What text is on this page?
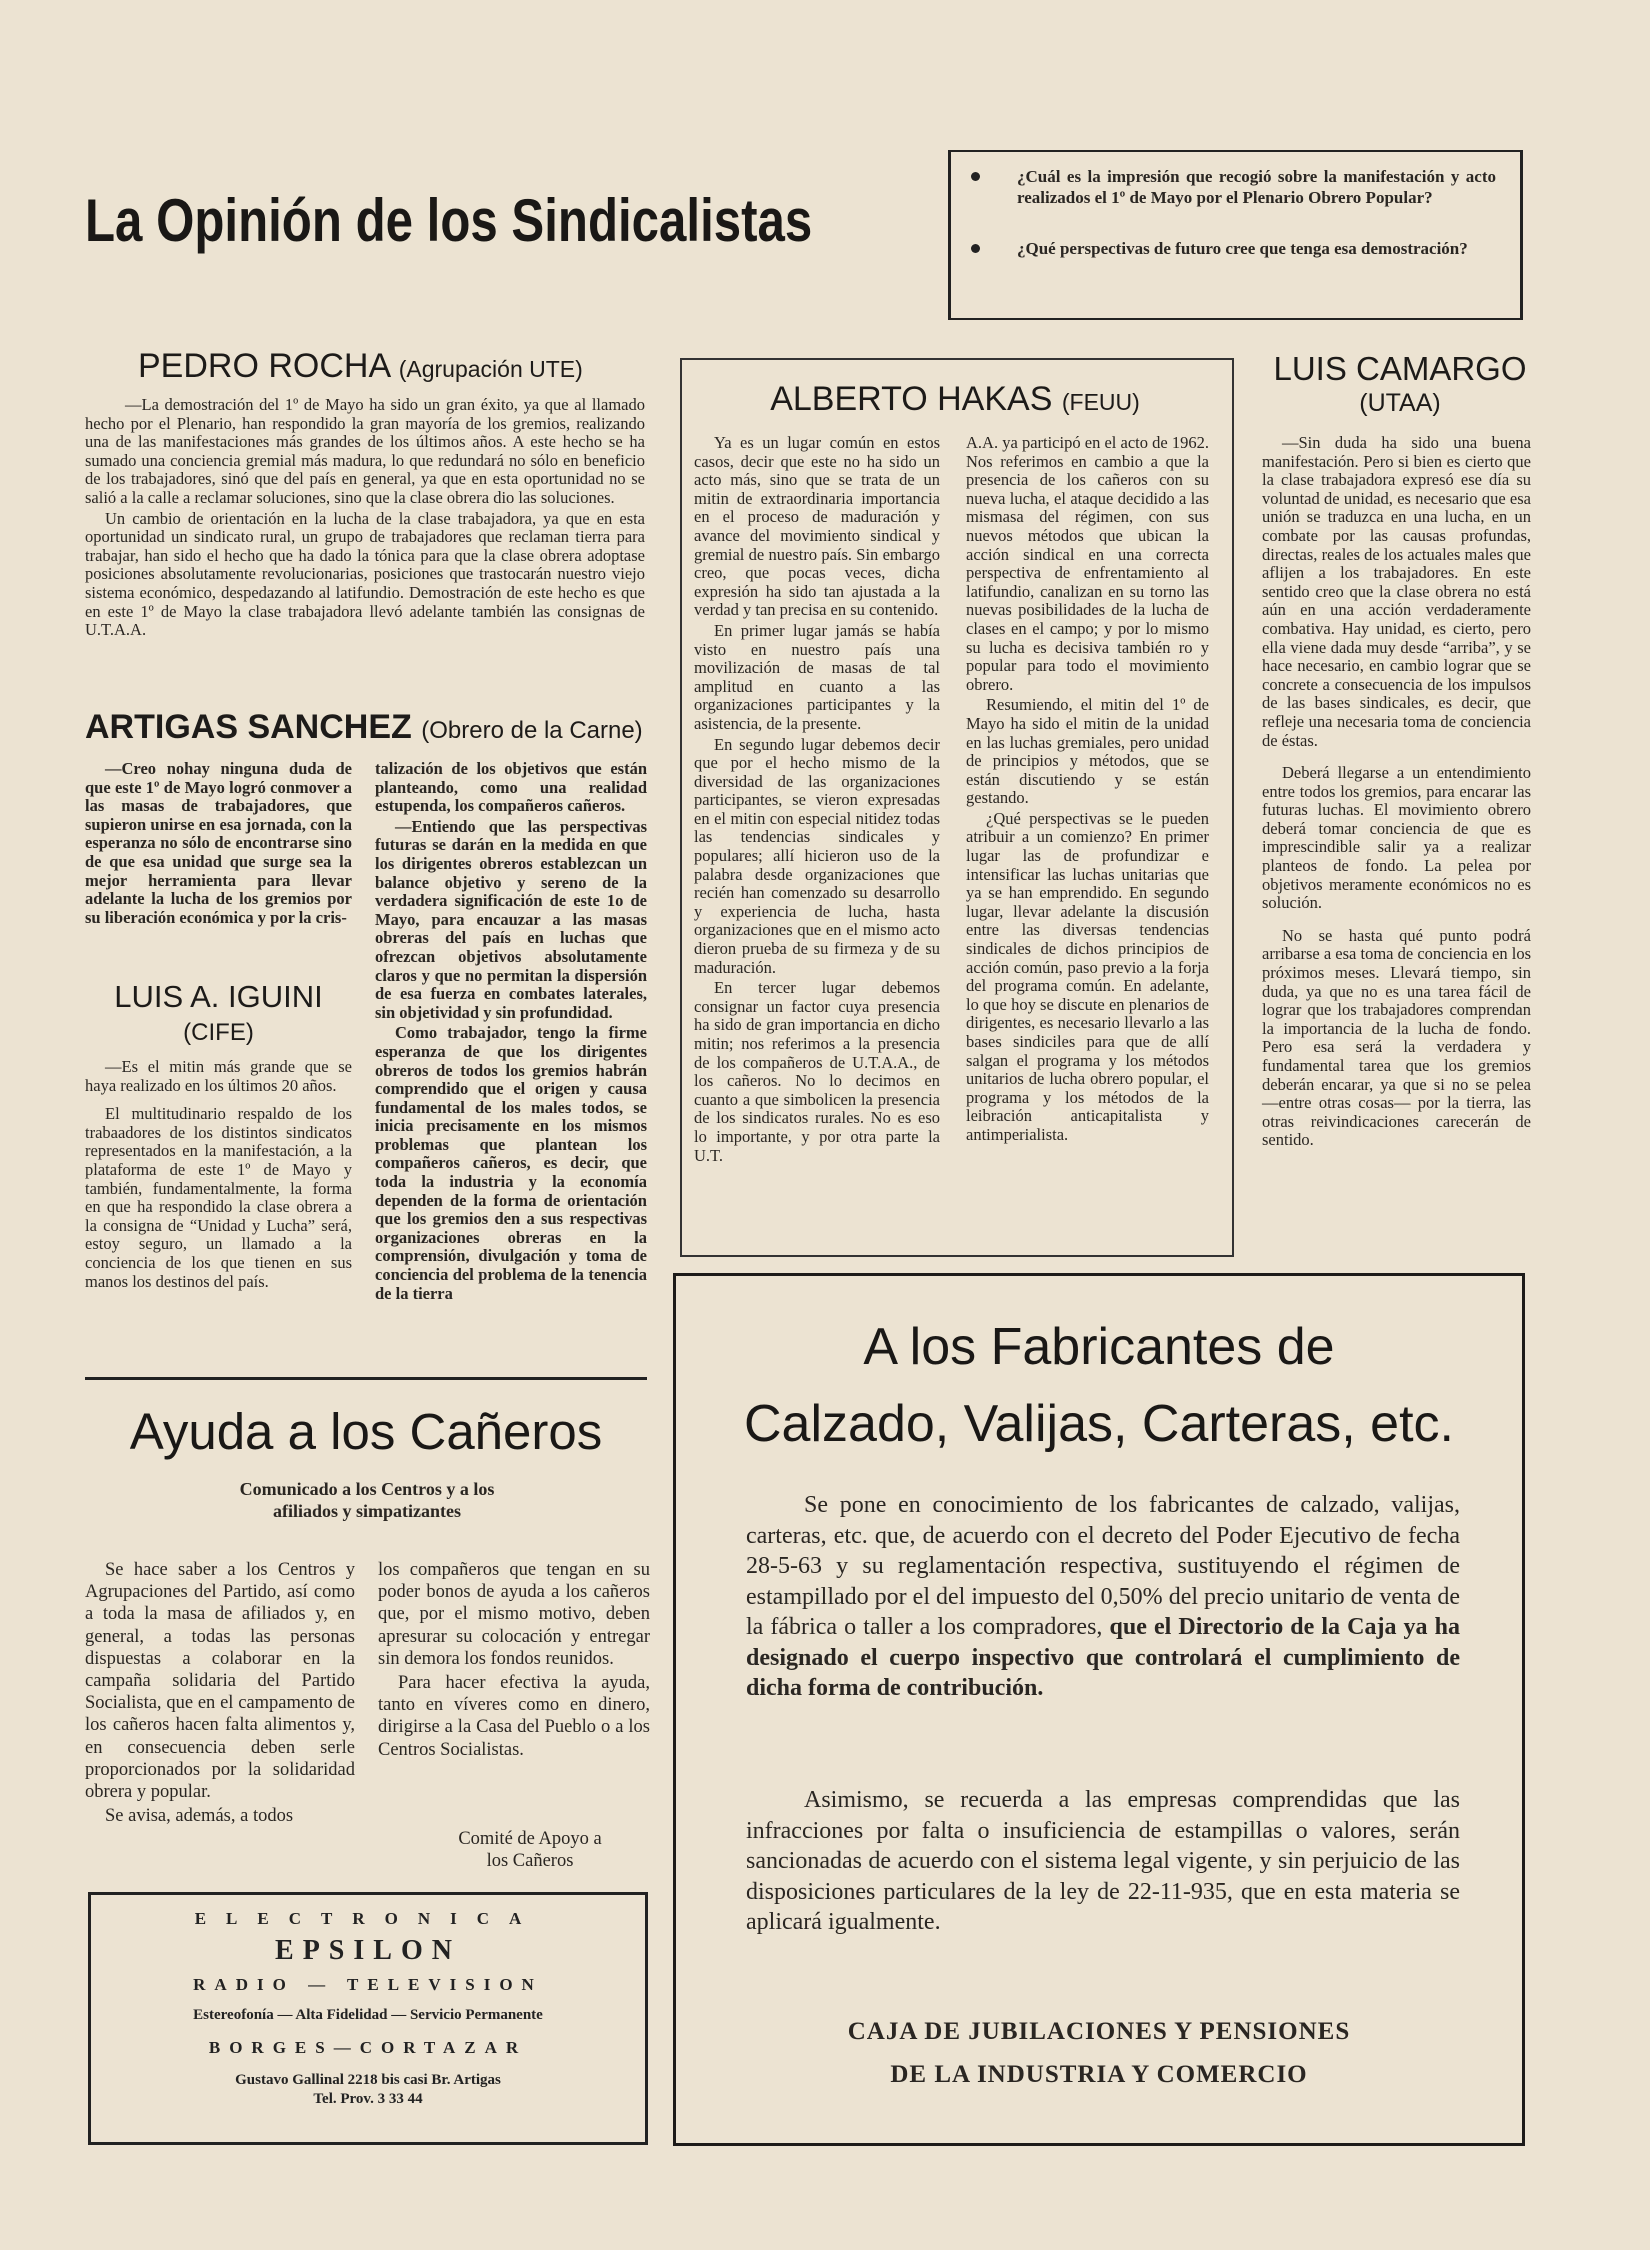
La Opinión de los Sindicalistas
¿Cuál es la impresión que recogió sobre la manifestación y acto realizados el 1º de Mayo por el Plenario Obrero Popular?
¿Qué perspectivas de futuro cree que tenga esa demostración?
PEDRO ROCHA (Agrupación UTE)

—La demostración del 1º de Mayo ha sido un gran éxito, ya que al llamado hecho por el Plenario, han respondido la gran mayoría de los gremios, realizando una de las manifestaciones más grandes de los últimos años. A este hecho se ha sumado una conciencia gremial más madura, lo que redundará no sólo en beneficio de los trabajadores, sinó que del país en general, ya que en esta oportunidad no se salió a la calle a reclamar soluciones, sino que la clase obrera dio las soluciones.

Un cambio de orientación en la lucha de la clase trabajadora, ya que en esta oportunidad un sindicato rural, un grupo de trabajadores que reclaman tierra para trabajar, han sido el hecho que ha dado la tónica para que la clase obrera adoptase posiciones absolutamente revolucionarias, posiciones que trastocarán nuestro viejo sistema económico, despedazando al latifundio. Demostración de este hecho es que en este 1º de Mayo la clase trabajadora llevó adelante también las consignas de U.T.A.A.

ARTIGAS SANCHEZ (Obrero de la Carne)

—Creo nohay ninguna duda de que este 1º de Mayo logró conmover a las masas de trabajadores, que supieron unirse en esa jornada, con la esperanza no sólo de encontrarse sino de que esa unidad que surge sea la mejor herramienta para llevar adelante la lucha de los gremios por su liberación económica y por la cris-

talización de los objetivos que están planteando, como una realidad estupenda, los compañeros cañeros.

—Entiendo que las perspectivas futuras se darán en la medida en que los dirigentes obreros establezcan un balance objetivo y sereno de la verdadera significación de este 1o de Mayo, para encauzar a las masas obreras del país en luchas que ofrezcan objetivos absolutamente claros y que no permitan la dispersión de esa fuerza en combates laterales, sin objetividad y sin profundidad.

Como trabajador, tengo la firme esperanza de que los dirigentes obreros de todos los gremios habrán comprendido que el origen y causa fundamental de los males todos, se inicia precisamente en los mismos problemas que plantean los compañeros cañeros, es decir, que toda la industria y la economía dependen de la forma de orientación que los gremios den a sus respectivas organizaciones obreras en la comprensión, divulgación y toma de conciencia del problema de la tenencia de la tierra

LUIS A. IGUINI
(CIFE)

—Es el mitin más grande que se haya realizado en los últimos 20 años.

El multitudinario respaldo de los trabaadores de los distintos sindicatos representados en la manifestación, a la plataforma de este 1º de Mayo y también, fundamentalmente, la forma en que ha respondido la clase obrera a la consigna de “Unidad y Lucha” será, estoy seguro, un llamado a la conciencia de los que tienen en sus manos los destinos del país.

ALBERTO HAKAS (FEUU)

Ya es un lugar común en estos casos, decir que este no ha sido un acto más, sino que se trata de un mitin de extraordinaria importancia en el proceso de maduración y avance del movimiento sindical y gremial de nuestro país. Sin embargo creo, que pocas veces, dicha expresión ha sido tan ajustada a la verdad y tan precisa en su contenido.

En primer lugar jamás se había visto en nuestro país una movilización de masas de tal amplitud en cuanto a las organizaciones participantes y la asistencia, de la presente.

En segundo lugar debemos decir que por el hecho mismo de la diversidad de las organizaciones participantes, se vieron expresadas en el mitin con especial nitidez todas las tendencias sindicales y populares; allí hicieron uso de la palabra desde organizaciones que recién han comenzado su desarrollo y experiencia de lucha, hasta organizaciones que en el mismo acto dieron prueba de su firmeza y de su maduración.

En tercer lugar debemos consignar un factor cuya presencia ha sido de gran importancia en dicho mitin; nos referimos a la presencia de los compañeros de U.T.A.A., de los cañeros. No lo decimos en cuanto a que simbolicen la presencia de los sindicatos rurales. No es eso lo importante, y por otra parte la U.T.

A.A. ya participó en el acto de 1962. Nos referimos en cambio a que la presencia de los cañeros con su nueva lucha, el ataque decidido a las mismasa del régimen, con sus nuevos métodos que ubican la acción sindical en una correcta perspectiva de enfrentamiento al latifundio, canalizan en su torno las nuevas posibilidades de la lucha de clases en el campo; y por lo mismo su lucha es decisiva también ro y popular para todo el movimiento obrero.

Resumiendo, el mitin del 1º de Mayo ha sido el mitin de la unidad en las luchas gremiales, pero unidad de principios y métodos, que se están discutiendo y se están gestando.

¿Qué perspectivas se le pueden atribuir a un comienzo? En primer lugar las de profundizar e intensificar las luchas unitarias que ya se han emprendido. En segundo lugar, llevar adelante la discusión entre las diversas tendencias sindicales de dichos principios de acción común, paso previo a la forja del programa común. En adelante, lo que hoy se discute en plenarios de dirigentes, es necesario llevarlo a las bases sindiciles para que de allí salgan el programa y los métodos unitarios de lucha obrero popular, el programa y los métodos de la leibración anticapitalista y antimperialista.

LUIS CAMARGO
(UTAA)

—Sin duda ha sido una buena manifestación. Pero si bien es cierto que la clase trabajadora expresó ese día su voluntad de unidad, es necesario que esa unión se traduzca en una lucha, en un combate por las causas profundas, directas, reales de los actuales males que aflijen a los trabajadores. En este sentido creo que la clase obrera no está aún en una acción verdaderamente combativa. Hay unidad, es cierto, pero ella viene dada muy desde “arriba”, y se hace necesario, en cambio lograr que se concrete a consecuencia de los impulsos de las bases sindicales, es decir, que refleje una necesaria toma de conciencia de éstas.

Deberá llegarse a un entendimiento entre todos los gremios, para encarar las futuras luchas. El movimiento obrero deberá tomar conciencia de que es imprescindible salir ya a realizar planteos de fondo. La pelea por objetivos meramente económicos no es solución.

No se hasta qué punto podrá arribarse a esa toma de conciencia en los próximos meses. Llevará tiempo, sin duda, ya que no es una tarea fácil de lograr que los trabajadores comprendan la importancia de la lucha de fondo. Pero esa será la verdadera y fundamental tarea que los gremios deberán encarar, ya que si no se pelea —entre otras cosas— por la tierra, las otras reivindicaciones carecerán de sentido.

Ayuda a los Cañeros
Comunicado a los Centros y a los afiliados y simpatizantes

Se hace saber a los Centros y Agrupaciones del Partido, así como a toda la masa de afiliados y, en general, a todas las personas dispuestas a colaborar en la campaña solidaria del Partido Socialista, que en el campamento de los cañeros hacen falta alimentos y, en consecuencia deben serle proporcionados por la solidaridad obrera y popular.

Se avisa, además, a todos

los compañeros que tengan en su poder bonos de ayuda a los cañeros que, por el mismo motivo, deben apresurar su colocación y entregar sin demora los fondos reunidos.

Para hacer efectiva la ayuda, tanto en víveres como en dinero, dirigirse a la Casa del Pueblo o a los Centros Socialistas.

Comité de Apoyo a los Cañeros
ELECTRONICA
EPSILON
RADIO — TELEVISION
Estereofonía — Alta Fidelidad — Servicio Permanente
BORGES—CORTAZAR
Gustavo Gallinal 2218 bis casi Br. Artigas
Tel. Prov. 3 33 44
A los Fabricantes de
Calzado, Valijas, Carteras, etc.
Se pone en conocimiento de los fabricantes de calzado, valijas, carteras, etc. que, de acuerdo con el decreto del Poder Ejecutivo de fecha 28-5-63 y su reglamentación respectiva, sustituyendo el régimen de estampillado por el del impuesto del 0,50% del precio unitario de venta de la fábrica o taller a los compradores, que el Directorio de la Caja ya ha designado el cuerpo inspectivo que controlará el cumplimiento de dicha forma de contribución.
Asimismo, se recuerda a las empresas comprendidas que las infracciones por falta o insuficiencia de estampillas o valores, serán sancionadas de acuerdo con el sistema legal vigente, y sin perjuicio de las disposiciones particulares de la ley de 22-11-935, que en esta materia se aplicará igualmente.
CAJA DE JUBILACIONES Y PENSIONES
DE LA INDUSTRIA Y COMERCIO
